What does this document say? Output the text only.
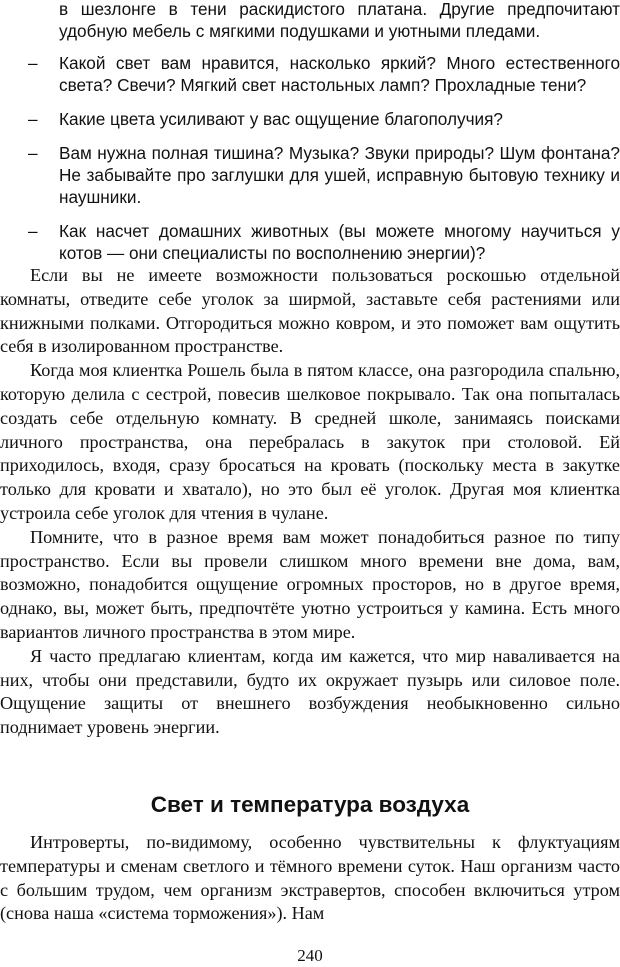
в шезлонге в тени раскидистого платана. Другие предпочитают удобную мебель с мягкими подушками и уютными пледами.

– Какой свет вам нравится, насколько яркий? Много естественного света? Свечи? Мягкий свет настольных ламп? Прохладные тени?
– Какие цвета усиливают у вас ощущение благополучия?
– Вам нужна полная тишина? Музыка? Звуки природы? Шум фонтана? Не забывайте про заглушки для ушей, исправную бытовую технику и наушники.
– Как насчет домашних животных (вы можете многому научиться у котов — они специалисты по восполнению энергии)?

Если вы не имеете возможности пользоваться роскошью отдельной комнаты, отведите себе уголок за ширмой, заставьте себя растениями или книжными полками. Отгородиться можно ковром, и это поможет вам ощутить себя в изолированном пространстве.

Когда моя клиентка Рошель была в пятом классе, она разгородила спальню, которую делила с сестрой, повесив шелковое покрывало. Так она попыталась создать себе отдельную комнату. В средней школе, занимаясь поисками личного пространства, она перебралась в закуток при столовой. Ей приходилось, входя, сразу бросаться на кровать (поскольку места в закутке только для кровати и хватало), но это был её уголок. Другая моя клиентка устроила себе уголок для чтения в чулане.

Помните, что в разное время вам может понадобиться разное по типу пространство. Если вы провели слишком много времени вне дома, вам, возможно, понадобится ощущение огромных просторов, но в другое время, однако, вы, может быть, предпочтёте уютно устроиться у камина. Есть много вариантов личного пространства в этом мире.

Я часто предлагаю клиентам, когда им кажется, что мир наваливается на них, чтобы они представили, будто их окружает пузырь или силовое поле. Ощущение защиты от внешнего возбуждения необыкновенно сильно поднимает уровень энергии.

Свет и температура воздуха

Интроверты, по-видимому, особенно чувствительны к флуктуациям температуры и сменам светлого и тёмного времени суток. Наш организм часто с большим трудом, чем организм экстравертов, способен включиться утром (снова наша «система торможения»). Нам

240
